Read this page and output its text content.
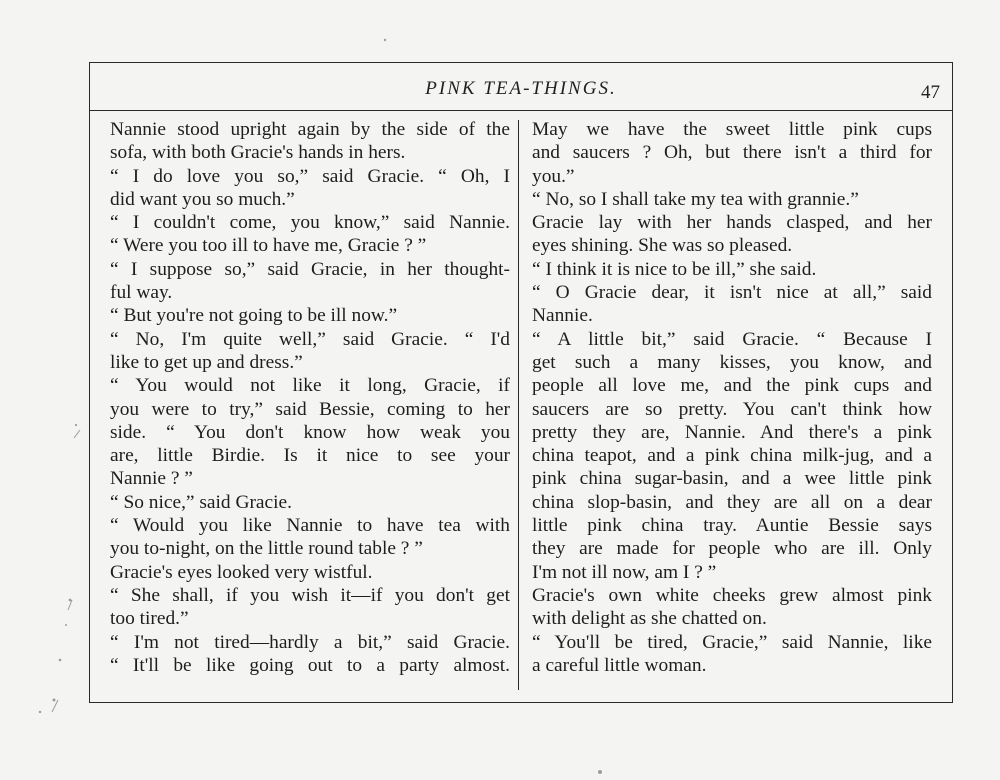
PINK TEA-THINGS.	47
Nannie stood upright again by the side of the
sofa, with both Gracie's hands in hers.
“ I do love you so,” said Gracie. “ Oh, I
did want you so much.”
“ I couldn't come, you know,” said Nannie.
“ Were you too ill to have me, Gracie ? ”
“ I suppose so,” said Gracie, in her thought-
ful way.
“ But you're not going to be ill now.”
“ No, I'm quite well,” said Gracie. “ I'd
like to get up and dress.”
“ You would not like it long, Gracie, if
you were to try,” said Bessie, coming to her
side. “ You don't know how weak you
are, little Birdie. Is it nice to see your
Nannie ? ”
“ So nice,” said Gracie.
“ Would you like Nannie to have tea with
you to-night, on the little round table ? ”
Gracie's eyes looked very wistful.
“ She shall, if you wish it—if you don't get
too tired.”
“ I'm not tired—hardly a bit,” said Gracie.
“ It'll be like going out to a party almost.
May we have the sweet little pink cups
and saucers ? Oh, but there isn't a third for
you.”
“ No, so I shall take my tea with grannie.”
Gracie lay with her hands clasped, and her
eyes shining. She was so pleased.
“ I think it is nice to be ill,” she said.
“ O Gracie dear, it isn't nice at all,” said
Nannie.
“ A little bit,” said Gracie. “ Because I
get such a many kisses, you know, and
people all love me, and the pink cups and
saucers are so pretty. You can't think how
pretty they are, Nannie. And there's a pink
china teapot, and a pink china milk-jug, and a
pink china sugar-basin, and a wee little pink
china slop-basin, and they are all on a dear
little pink china tray. Auntie Bessie says
they are made for people who are ill. Only
I'm not ill now, am I ? ”
Gracie's own white cheeks grew almost pink
with delight as she chatted on.
“ You'll be tired, Gracie,” said Nannie, like
a careful little woman.
